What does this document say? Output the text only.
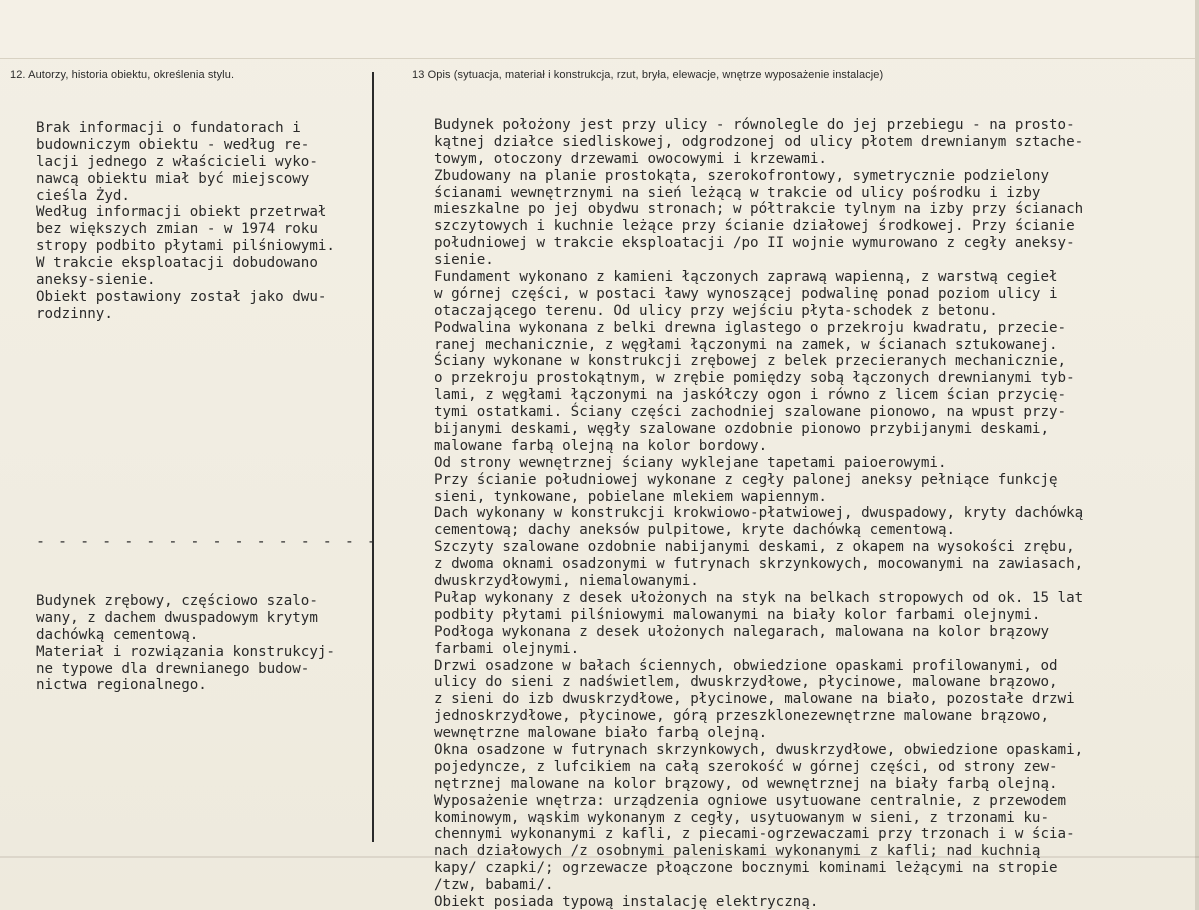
12. Autorzy, historia obiektu, określenia stylu.	13 Opis (sytuacja, materiał i konstrukcja, rzut, bryła, elewacje, wnętrze wyposażenie instalacje)
Brak informacji o fundatorach i
budowniczym obiektu - według re-
lacji jednego z właścicieli wyko-
nawcą obiektu miał być miejscowy
cieśla Żyd.
Według informacji obiekt przetrwał
bez większych zmian - w 1974 roku
stropy podbito płytami pilśniowymi.
W trakcie eksploatacji dobudowano
aneksy-sienie.
Obiekt postawiony został jako dwu-
rodzinny.
- - - - - - - - - - - - - - - -
Budynek zrębowy, częściowo szalo-
wany, z dachem dwuspadowym krytym
dachówką cementową.
Materiał i rozwiązania konstrukcyj-
ne typowe dla drewnianego budow-
nictwa regionalnego.
Budynek położony jest przy ulicy - równolegle do jej przebiegu - na prosto-
kątnej działce siedliskowej, odgrodzonej od ulicy płotem drewnianym sztache-
towym, otoczony drzewami owocowymi i krzewami.
Zbudowany na planie prostokąta, szerokofrontowy, symetrycznie podzielony
ścianami wewnętrznymi na sień leżącą w trakcie od ulicy pośrodku i izby
mieszkalne po jej obydwu stronach; w półtrakcie tylnym na izby przy ścianach
szczytowych i kuchnie leżące przy ścianie działowej środkowej. Przy ścianie
południowej w trakcie eksploatacji /po II wojnie wymurowano z cegły aneksy-
sienie.
Fundament wykonano z kamieni łączonych zaprawą wapienną, z warstwą cegieł
w górnej części, w postaci ławy wynoszącej podwalinę ponad poziom ulicy i
otaczającego terenu. Od ulicy przy wejściu płyta-schodek z betonu.
Podwalina wykonana z belki drewna iglastego o przekroju kwadratu, przecie-
ranej mechanicznie, z węgłami łączonymi na zamek, w ścianach sztukowanej.
Ściany wykonane w konstrukcji zrębowej z belek przecieranych mechanicznie,
o przekroju prostokątnym, w zrębie pomiędzy sobą łączonych drewnianymi tyb-
lami, z węgłami łączonymi na jaskółczy ogon i równo z licem ścian przycię-
tymi ostatkami. Ściany części zachodniej szalowane pionowo, na wpust przy-
bijanymi deskami, węgły szalowane ozdobnie pionowo przybijanymi deskami,
malowane farbą olejną na kolor bordowy.
Od strony wewnętrznej ściany wyklejane tapetami paioerowymi.
Przy ścianie południowej wykonane z cegły palonej aneksy pełniące funkcję
sieni, tynkowane, pobielane mlekiem wapiennym.
Dach wykonany w konstrukcji krokwiowo-płatwiowej, dwuspadowy, kryty dachówką
cementową; dachy aneksów pulpitowe, kryte dachówką cementową.
Szczyty szalowane ozdobnie nabijanymi deskami, z okapem na wysokości zrębu,
z dwoma oknami osadzonymi w futrynach skrzynkowych, mocowanymi na zawiasach,
dwuskrzydłowymi, niemalowanymi.
Pułap wykonany z desek ułożonych na styk na belkach stropowych od ok. 15 lat
podbity płytami pilśniowymi malowanymi na biały kolor farbami olejnymi.
Podłoga wykonana z desek ułożonych nalegarach, malowana na kolor brązowy
farbami olejnymi.
Drzwi osadzone w bałach ściennych, obwiedzione opaskami profilowanymi, od
ulicy do sieni z nadświetlem, dwuskrzydłowe, płycinowe, malowane brązowo,
z sieni do izb dwuskrzydłowe, płycinowe, malowane na biało, pozostałe drzwi
jednoskrzydłowe, płycinowe, górą przeszklonezewnętrzne malowane brązowo,
wewnętrzne malowane biało farbą olejną.
Okna osadzone w futrynach skrzynkowych, dwuskrzydłowe, obwiedzione opaskami,
pojedyncze, z lufcikiem na całą szerokość w górnej części, od strony zew-
nętrznej malowane na kolor brązowy, od wewnętrznej na biały farbą olejną.
Wyposażenie wnętrza: urządzenia ogniowe usytuowane centralnie, z przewodem
kominowym, wąskim wykonanym z cegły, usytuowanym w sieni, z trzonami ku-
chennymi wykonanymi z kafli, z piecami-ogrzewaczami przy trzonach i w ścia-
nach działowych /z osobnymi paleniskami wykonanymi z kafli; nad kuchnią
kapy/ czapki/; ogrzewacze płoączone bocznymi kominami leżącymi na stropie
/tzw, babami/.
Obiekt posiada typową instalację elektryczną.
